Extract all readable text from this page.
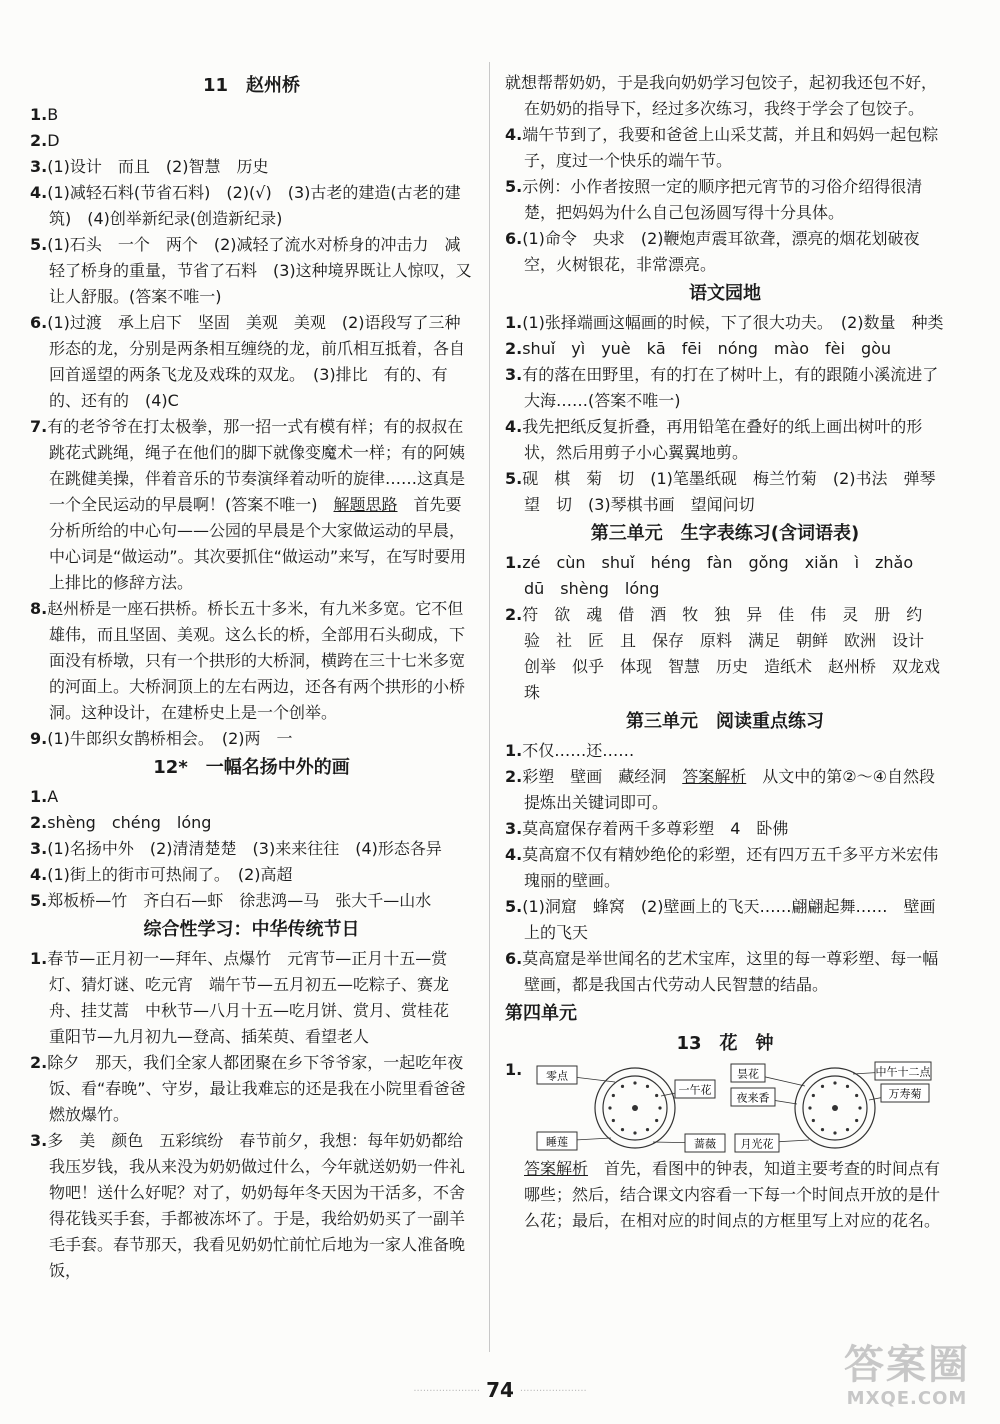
11　赵州桥

1.B

2.D

3.(1)设计　而且　(2)智慧　历史

4.(1)减轻石料(节省石料)　(2)(√)　(3)古老的建造(古老的建筑)　(4)创举新纪录(创造新纪录)

5.(1)石头　一个　两个　(2)减轻了流水对桥身的冲击力　减轻了桥身的重量，节省了石料　(3)这种境界既让人惊叹，又让人舒服。(答案不唯一)

6.(1)过渡　承上启下　坚固　美观　美观　(2)语段写了三种形态的龙，分别是两条相互缠绕的龙，前爪相互抵着，各自回首遥望的两条飞龙及戏珠的双龙。　(3)排比　有的、有的、还有的　(4)C

7.有的老爷爷在打太极拳，那一招一式有模有样；有的叔叔在跳花式跳绳，绳子在他们的脚下就像变魔术一样；有的阿姨在跳健美操，伴着音乐的节奏演绎着动听的旋律……这真是一个全民运动的早晨啊！(答案不唯一)　解题思路　首先要分析所给的中心句——公园的早晨是个大家做运动的早晨，中心词是“做运动”。其次要抓住“做运动”来写，在写时要用上排比的修辞方法。

8.赵州桥是一座石拱桥。桥长五十多米，有九米多宽。它不但雄伟，而且坚固、美观。这么长的桥，全部用石头砌成，下面没有桥墩，只有一个拱形的大桥洞，横跨在三十七米多宽的河面上。大桥洞顶上的左右两边，还各有两个拱形的小桥洞。这种设计，在建桥史上是一个创举。

9.(1)牛郎织女鹊桥相会。　(2)两　一

12*　一幅名扬中外的画

1.A

2.shèng　chéng　lóng

3.(1)名扬中外　(2)清清楚楚　(3)来来往往　(4)形态各异

4.(1)街上的街市可热闹了。　(2)高超

5.郑板桥—竹　齐白石—虾　徐悲鸿—马　张大千—山水

综合性学习：中华传统节日

1.春节—正月初一—拜年、点爆竹　元宵节—正月十五—赏灯、猜灯谜、吃元宵　端午节—五月初五—吃粽子、赛龙舟、挂艾蒿　中秋节—八月十五—吃月饼、赏月、赏桂花　重阳节—九月初九—登高、插茱萸、看望老人

2.除夕　那天，我们全家人都团聚在乡下爷爷家，一起吃年夜饭、看“春晚”、守岁，最让我难忘的还是我在小院里看爸爸燃放爆竹。

3.多　美　颜色　五彩缤纷　春节前夕，我想：每年奶奶都给我压岁钱，我从来没为奶奶做过什么，今年就送奶奶一件礼物吧！送什么好呢？对了，奶奶每年冬天因为干活多，不舍得花钱买手套，手都被冻坏了。于是，我给奶奶买了一副羊毛手套。春节那天，我看见奶奶忙前忙后地为一家人准备晚饭，

就想帮帮奶奶，于是我向奶奶学习包饺子，起初我还包不好，在奶奶的指导下，经过多次练习，我终于学会了包饺子。

4.端午节到了，我要和爸爸上山采艾蒿，并且和妈妈一起包粽子，度过一个快乐的端午节。

5.示例：小作者按照一定的顺序把元宵节的习俗介绍得很清楚，把妈妈为什么自己包汤圆写得十分具体。

6.(1)命令　央求　(2)鞭炮声震耳欲聋，漂亮的烟花划破夜空，火树银花，非常漂亮。

语文园地

1.(1)张择端画这幅画的时候，下了很大功夫。　(2)数量　种类

2.shuǐ　yì　yuè　kā　fēi　nóng　mào　fèi　gòu

3.有的落在田野里，有的打在了树叶上，有的跟随小溪流进了大海……(答案不唯一)

4.我先把纸反复折叠，再用铅笔在叠好的纸上画出树叶的形状，然后用剪子小心翼翼地剪。

5.砚　棋　菊　切　(1)笔墨纸砚　梅兰竹菊　(2)书法　弹琴　望　切　(3)琴棋书画　望闻问切

第三单元　生字表练习(含词语表)

1.zé　cùn　shuǐ　héng　fàn　gǒng　xiǎn　ì　zhǎo　dū　shèng　lóng

2.符　欲　魂　借　酒　牧　独　异　佳　伟　灵　册　约　验　社　匠　且　保存　原料　满足　朝鲜　欧洲　设计　创举　似乎　体现　智慧　历史　造纸术　赵州桥　双龙戏珠

第三单元　阅读重点练习

1.不仅……还……

2.彩塑　壁画　藏经洞　答案解析　从文中的第②～④自然段提炼出关键词即可。

3.莫高窟保存着两千多尊彩塑　4　卧佛

4.莫高窟不仅有精妙绝伦的彩塑，还有四万五千多平方米宏伟瑰丽的壁画。

5.(1)洞窟　蜂窝　(2)壁画上的飞天……翩翩起舞……　壁画上的飞天

6.莫高窟是举世闻名的艺术宝库，这里的每一尊彩塑、每一幅壁画，都是我国古代劳动人民智慧的结晶。

第四单元
13　花　钟
1. 零点
一午花
睡莲	蔷薇
昙花
夜来香
月光花
中午十二点
万寿菊

答案解析　首先，看图中的钟表，知道主要考查的时间点有哪些；然后，结合课文内容看一下每一个时间点开放的是什么花；最后，在相对应的时间点的方框里写上对应的花名。

····· 74 ·····
答案圈
MXQE.COM
